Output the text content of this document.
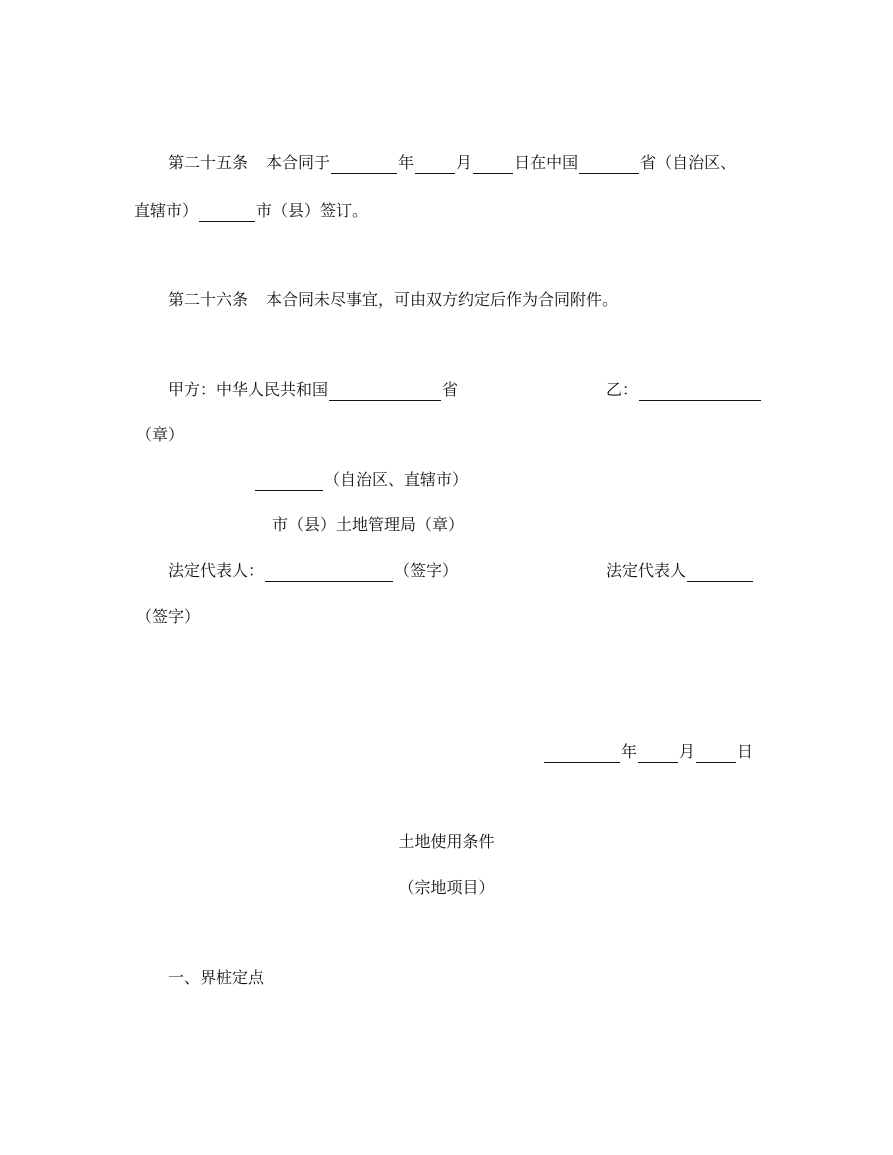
第二十五条 本合同于	年	月	日在中国	省（自治区、
直辖市）	市（县）签订。
第二十六条 本合同未尽事宜，可由双方约定后作为合同附件。
甲方：中华人民共和国	省	乙：
（章）
（自治区、直辖市）
市（县）土地管理局（章）
法定代表人：	（签字）	法定代表人
（签字）
年	月	日
土地使用条件
（宗地项目）
一、界桩定点
